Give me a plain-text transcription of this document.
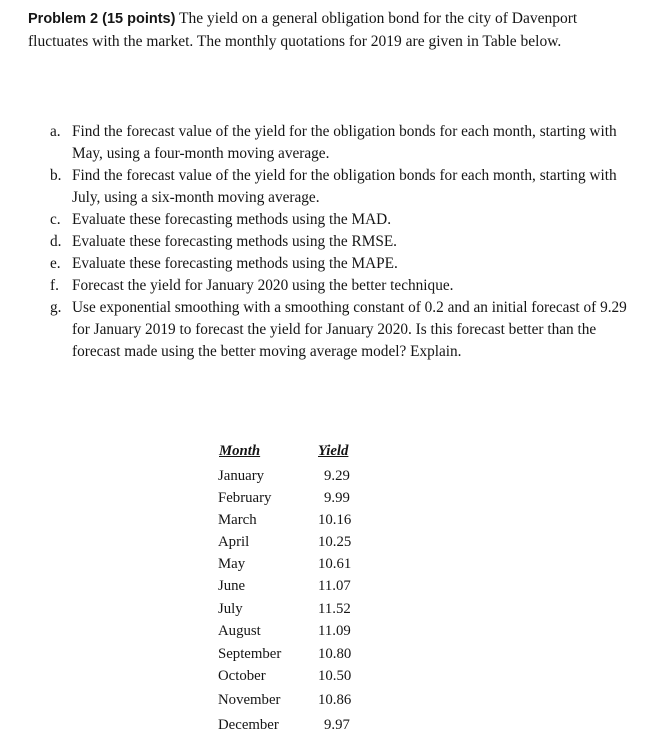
Problem 2 (15 points) The yield on a general obligation bond for the city of Davenport fluctuates with the market. The monthly quotations for 2019 are given in Table below.
a. Find the forecast value of the yield for the obligation bonds for each month, starting with May, using a four-month moving average.
b. Find the forecast value of the yield for the obligation bonds for each month, starting with July, using a six-month moving average.
c. Evaluate these forecasting methods using the MAD.
d. Evaluate these forecasting methods using the RMSE.
e. Evaluate these forecasting methods using the MAPE.
f. Forecast the yield for January 2020 using the better technique.
g. Use exponential smoothing with a smoothing constant of 0.2 and an initial forecast of 9.29 for January 2019 to forecast the yield for January 2020. Is this forecast better than the forecast made using the better moving average model? Explain.
Month	Yield
January	9.29
February	9.99
March	10.16
April	10.25
May	10.61
June	11.07
July	11.52
August	11.09
September 10.80
October	10.50
November	10.86
December	9.97
